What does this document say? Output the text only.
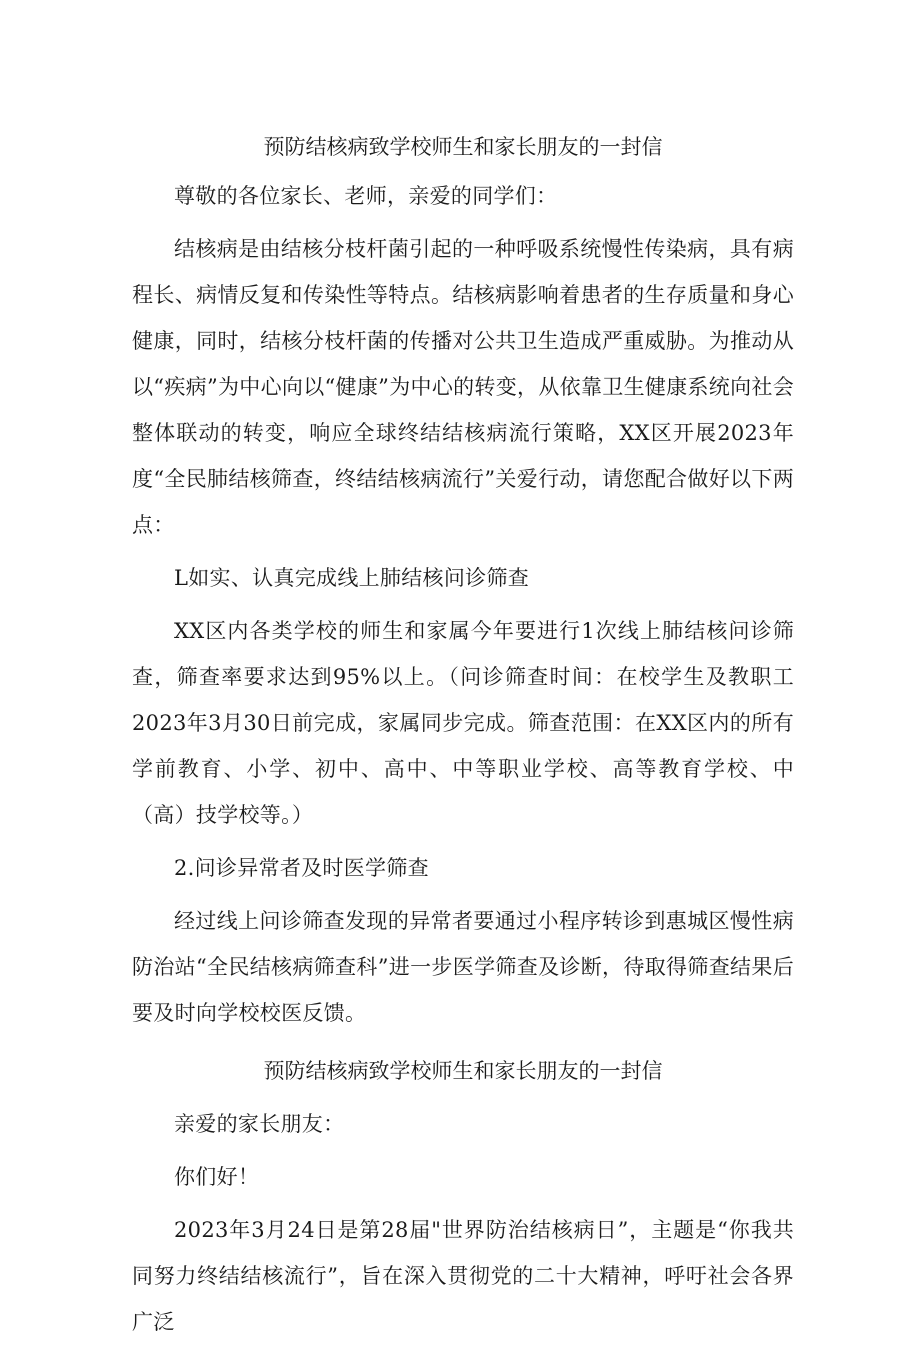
预防结核病致学校师生和家长朋友的一封信

尊敬的各位家长、老师，亲爱的同学们：

结核病是由结核分枝杆菌引起的一种呼吸系统慢性传染病，具有病程长、病情反复和传染性等特点。结核病影响着患者的生存质量和身心健康，同时，结核分枝杆菌的传播对公共卫生造成严重威胁。为推动从以“疾病”为中心向以“健康”为中心的转变，从依靠卫生健康系统向社会整体联动的转变，响应全球终结结核病流行策略，XX区开展2023年度“全民肺结核筛查，终结结核病流行”关爱行动，请您配合做好以下两点：

L如实、认真完成线上肺结核问诊筛查

XX区内各类学校的师生和家属今年要进行1次线上肺结核问诊筛查，筛查率要求达到95%以上。（问诊筛查时间：在校学生及教职工2023年3月30日前完成，家属同步完成。筛查范围：在XX区内的所有学前教育、小学、初中、高中、中等职业学校、高等教育学校、中（高）技学校等。）

2.问诊异常者及时医学筛查

经过线上问诊筛查发现的异常者要通过小程序转诊到惠城区慢性病防治站“全民结核病筛查科”进一步医学筛查及诊断，待取得筛查结果后要及时向学校校医反馈。

预防结核病致学校师生和家长朋友的一封信

亲爱的家长朋友：

你们好！

2023年3月24日是第28届"世界防治结核病日”，主题是“你我共同努力终结结核流行”，旨在深入贯彻党的二十大精神，呼吁社会各界广泛
